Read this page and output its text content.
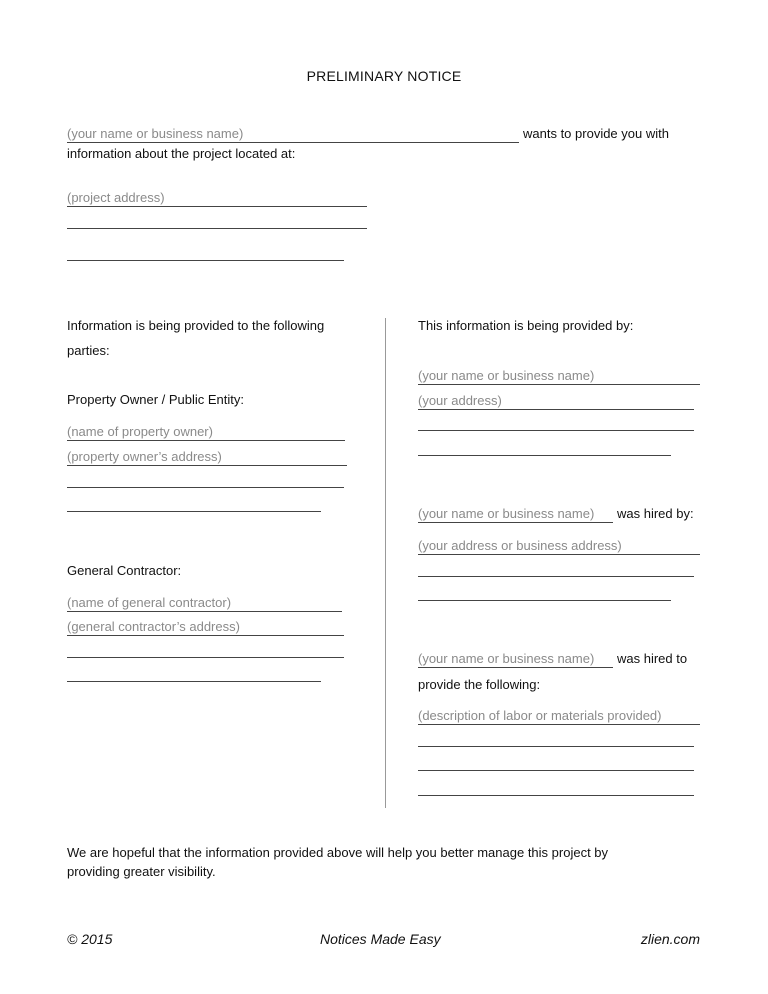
PRELIMINARY NOTICE
(your name or business name)	wants to provide you with
information about the project located at:
(project address)
Information is being provided to the following
parties:
Property Owner / Public Entity:
(name of property owner)
(property owner’s address)
General Contractor:
(name of general contractor)
(general contractor’s address)
This information is being provided by:
(your name or business name)
(your address)
(your name or business name)	was hired by:
(your address or business address)
(your name or business name)	was hired to
provide the following:
(description of labor or materials provided)
We are hopeful that the information provided above will help you better manage this project by
providing greater visibility.
© 2015	Notices Made Easy	zlien.com
